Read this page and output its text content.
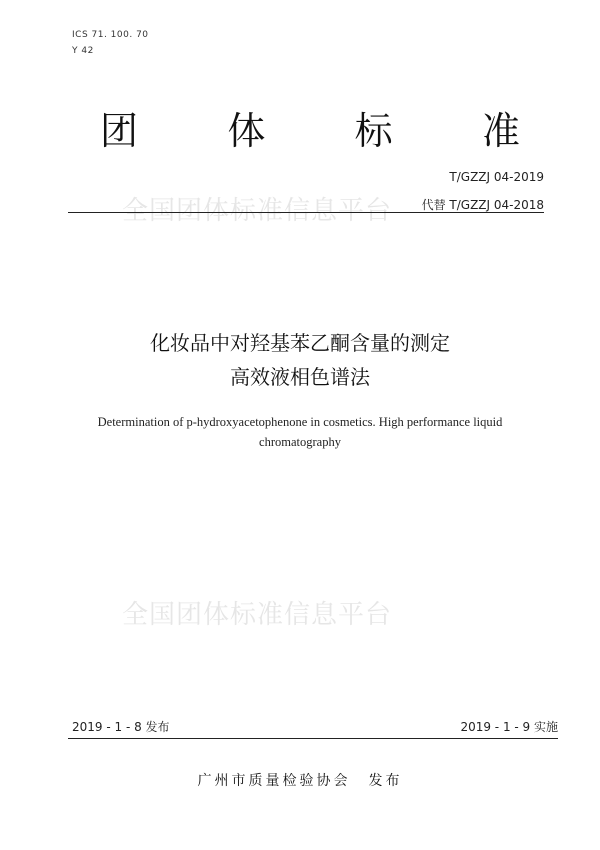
ICS 71. 100. 70
Y 42
团 体 标 准
T/GZZJ 04-2019
全国团体标准信息平台 代替 T/GZZJ 04-2018
化妆品中对羟基苯乙酮含量的测定
高效液相色谱法
Determination of p-hydroxyacetophenone in cosmetics. High performance liquid
chromatography
全国团体标准信息平台
2019 - 1 - 8 发布	2019 - 1 - 9 实施
广州市质量检验协会 发布
